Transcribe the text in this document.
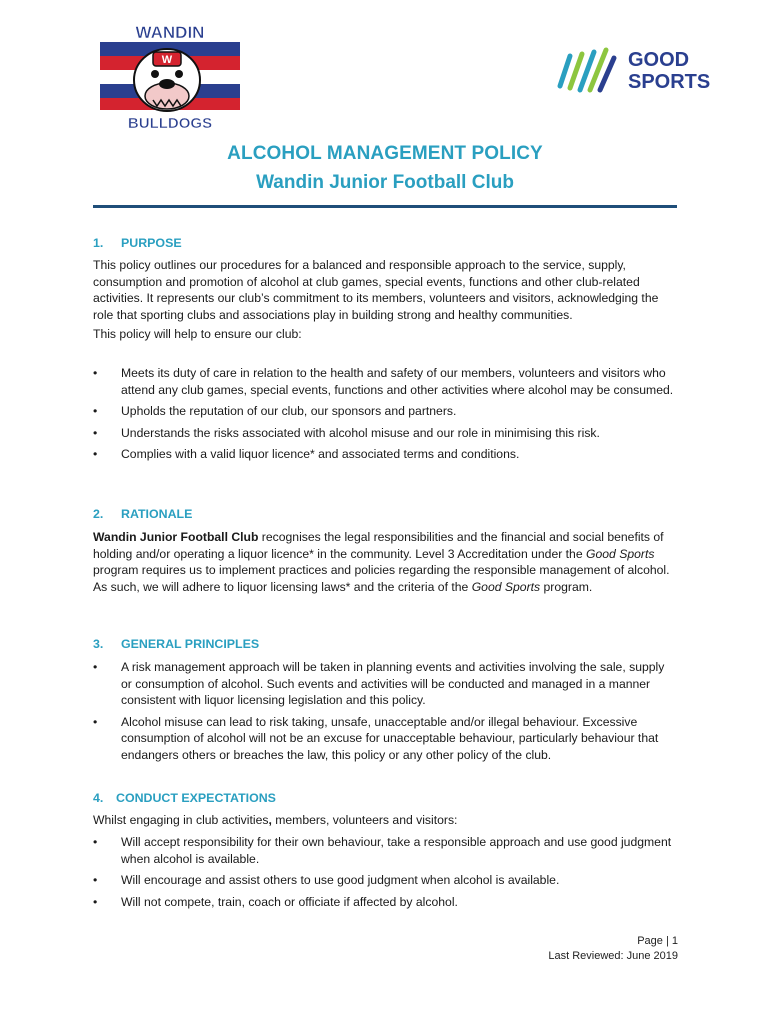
W
WANDIN
BULLDOGS
GOOD
SPORTS
ALCOHOL MANAGEMENT POLICY
Wandin Junior Football Club
1. PURPOSE

This policy outlines our procedures for a balanced and responsible approach to the service, supply, consumption and promotion of alcohol at club games, special events, functions and other club-related activities. It represents our club’s commitment to its members, volunteers and visitors, acknowledging the role that sporting clubs and associations play in building strong and healthy communities.

This policy will help to ensure our club:

•	Meets its duty of care in relation to the health and safety of our members, volunteers and visitors who attend any club games, special events, functions and other activities where alcohol may be consumed.
•	Upholds the reputation of our club, our sponsors and partners.
•	Understands the risks associated with alcohol misuse and our role in minimising this risk.
•	Complies with a valid liquor licence* and associated terms and conditions.
2. RATIONALE

Wandin Junior Football Club recognises the legal responsibilities and the financial and social benefits of holding and/or operating a liquor licence* in the community. Level 3 Accreditation under the Good Sports program requires us to implement practices and policies regarding the responsible management of alcohol. As such, we will adhere to liquor licensing laws* and the criteria of the Good Sports program.

3. GENERAL PRINCIPLES
•	A risk management approach will be taken in planning events and activities involving the sale, supply or consumption of alcohol. Such events and activities will be conducted and managed in a manner consistent with liquor licensing legislation and this policy.
•	Alcohol misuse can lead to risk taking, unsafe, unacceptable and/or illegal behaviour. Excessive consumption of alcohol will not be an excuse for unacceptable behaviour, particularly behaviour that endangers others or breaches the law, this policy or any other policy of the club.
4. CONDUCT EXPECTATIONS

Whilst engaging in club activities, members, volunteers and visitors:

•	Will accept responsibility for their own behaviour, take a responsible approach and use good judgment when alcohol is available.
•	Will encourage and assist others to use good judgment when alcohol is available.
•	Will not compete, train, coach or officiate if affected by alcohol.
Page | 1
Last Reviewed: June 2019
